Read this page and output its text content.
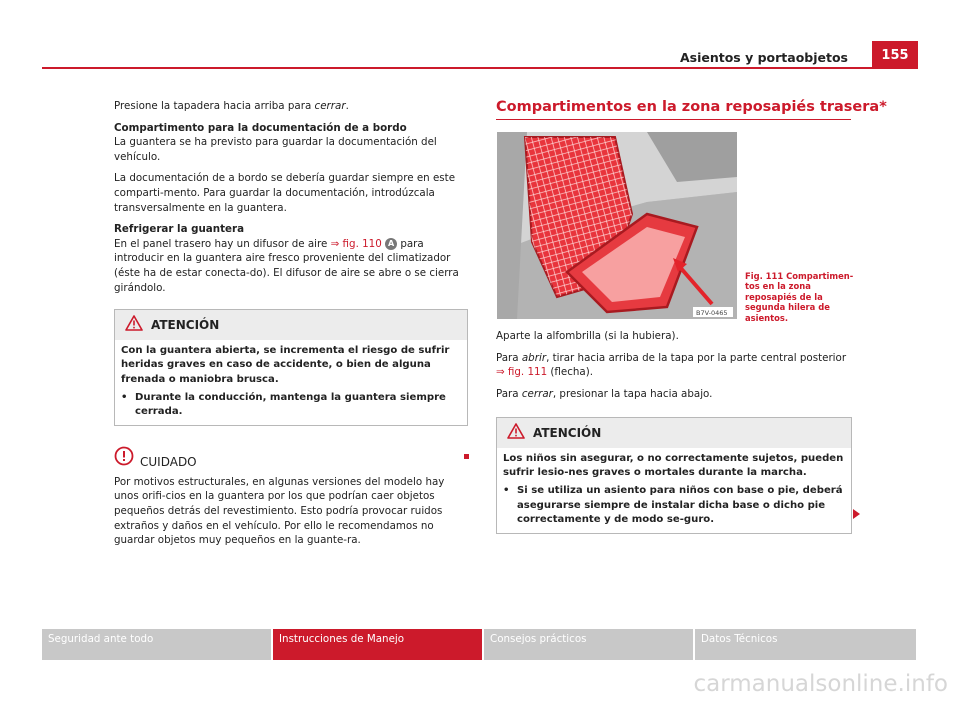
Asientos y portaobjetos	155

Presione la tapadera hacia arriba para cerrar.

Compartimento para la documentación de a bordo

La guantera se ha previsto para guardar la documentación del vehículo.

La documentación de a bordo se debería guardar siempre en este comparti-mento. Para guardar la documentación, introdúzcala transversalmente en la guantera.

Refrigerar la guantera

En el panel trasero hay un difusor de aire ⇒ fig. 110 A para introducir en la guantera aire fresco proveniente del climatizador (éste ha de estar conecta-do). El difusor de aire se abre o se cierra girándolo.

ATENCIÓN

Con la guantera abierta, se incrementa el riesgo de sufrir heridas graves en caso de accidente, o bien de alguna frenada o maniobra brusca.

• Durante la conducción, mantenga la guantera siempre cerrada.
CUIDADO
Por motivos estructurales, en algunas versiones del modelo hay unos orifi-cios en la guantera por los que podrían caer objetos pequeños detrás del revestimiento. Esto podría provocar ruidos extraños y daños en el vehículo. Por ello le recomendamos no guardar objetos muy pequeños en la guante-ra.
Compartimentos en la zona reposapiés trasera*
B7V-0465
Fig. 111 Compartimen-tos en la zona reposapiés de la segunda hilera de asientos.

Aparte la alfombrilla (si la hubiera).

Para abrir, tirar hacia arriba de la tapa por la parte central posterior
⇒ fig. 111 (flecha).

Para cerrar, presionar la tapa hacia abajo.

ATENCIÓN

Los niños sin asegurar, o no correctamente sujetos, pueden sufrir lesio-nes graves o mortales durante la marcha.

• Si se utiliza un asiento para niños con base o pie, deberá asegurarse siempre de instalar dicha base o dicho pie correctamente y de modo se-guro.
Seguridad ante todo	Instrucciones de Manejo	Consejos prácticos	Datos Técnicos
carmanualsonline.info
